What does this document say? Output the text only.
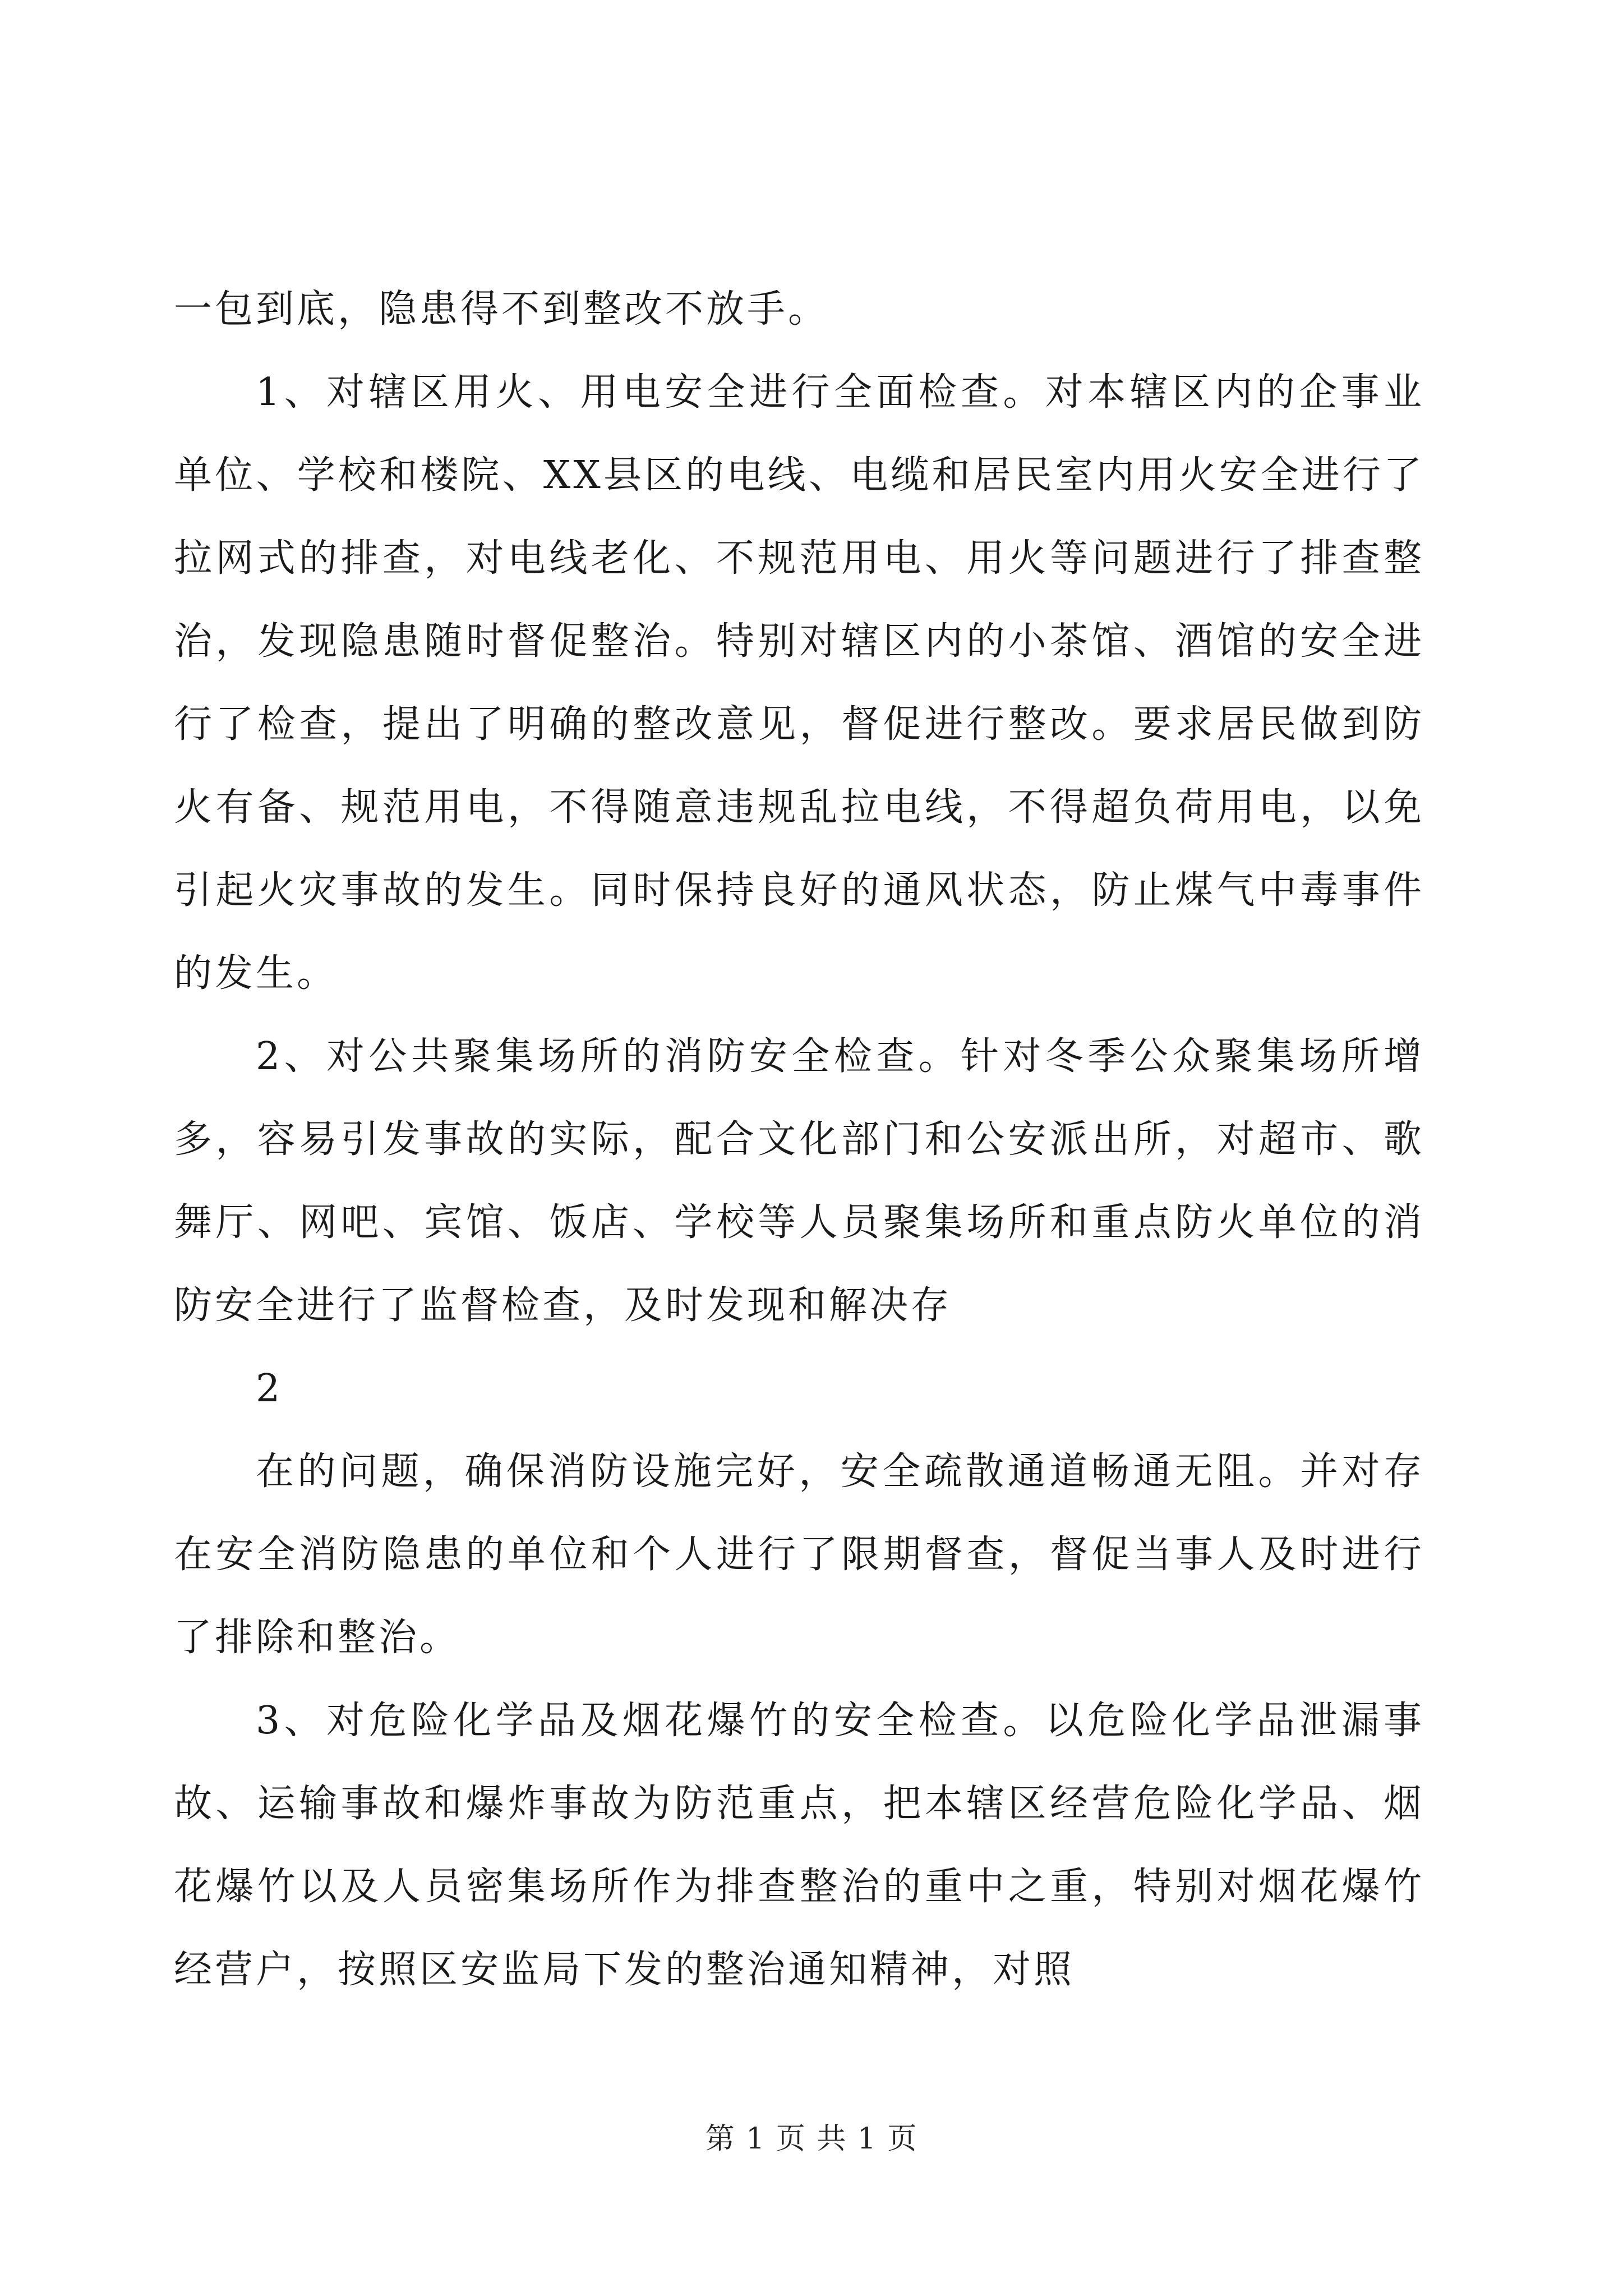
一包到底，隐患得不到整改不放手。

1、对辖区用火、用电安全进行全面检查。对本辖区内的企事业单位、学校和楼院、XX县区的电线、电缆和居民室内用火安全进行了拉网式的排查，对电线老化、不规范用电、用火等问题进行了排查整治，发现隐患随时督促整治。特别对辖区内的小茶馆、酒馆的安全进行了检查，提出了明确的整改意见，督促进行整改。要求居民做到防火有备、规范用电，不得随意违规乱拉电线，不得超负荷用电，以免引起火灾事故的发生。同时保持良好的通风状态，防止煤气中毒事件的发生。

2、对公共聚集场所的消防安全检查。针对冬季公众聚集场所增多，容易引发事故的实际，配合文化部门和公安派出所，对超市、歌舞厅、网吧、宾馆、饭店、学校等人员聚集场所和重点防火单位的消防安全进行了监督检查，及时发现和解决存

2

在的问题，确保消防设施完好，安全疏散通道畅通无阻。并对存在安全消防隐患的单位和个人进行了限期督查，督促当事人及时进行了排除和整治。

3、对危险化学品及烟花爆竹的安全检查。以危险化学品泄漏事故、运输事故和爆炸事故为防范重点，把本辖区经营危险化学品、烟花爆竹以及人员密集场所作为排查整治的重中之重，特别对烟花爆竹经营户，按照区安监局下发的整治通知精神，对照

第 1 页 共 1 页
